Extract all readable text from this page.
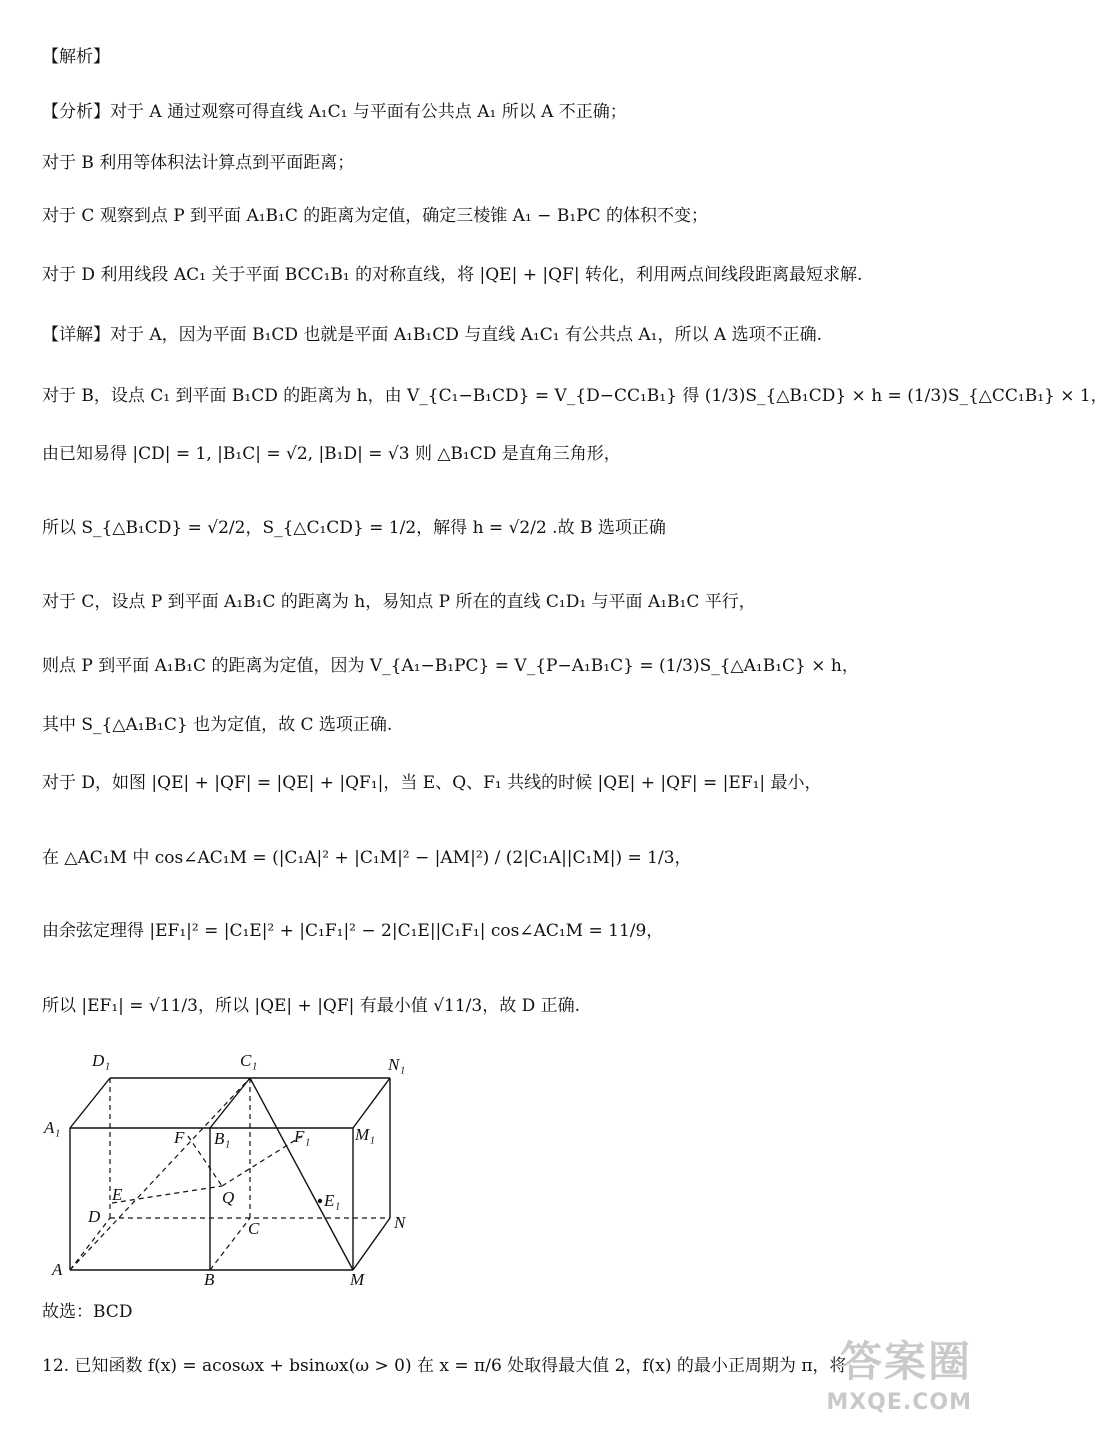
【解析】
【分析】对于 A 通过观察可得直线 A₁C₁ 与平面有公共点 A₁ 所以 A 不正确；
对于 B 利用等体积法计算点到平面距离；
对于 C 观察到点 P 到平面 A₁B₁C 的距离为定值，确定三棱锥 A₁ − B₁PC 的体积不变；
对于 D 利用线段 AC₁ 关于平面 BCC₁B₁ 的对称直线，将 |QE| + |QF| 转化，利用两点间线段距离最短求解.
【详解】对于 A，因为平面 B₁CD 也就是平面 A₁B₁CD 与直线 A₁C₁ 有公共点 A₁，所以 A 选项不正确.
对于 B，设点 C₁ 到平面 B₁CD 的距离为 h，由 V_{C₁−B₁CD} = V_{D−CC₁B₁} 得 (1/3)S_{△B₁CD} × h = (1/3)S_{△CC₁B₁} × 1，
由已知易得 |CD| = 1, |B₁C| = √2, |B₁D| = √3 则 △B₁CD 是直角三角形，
所以 S_{△B₁CD} = √2/2，S_{△C₁CD} = 1/2，解得 h = √2/2 .故 B 选项正确
对于 C，设点 P 到平面 A₁B₁C 的距离为 h，易知点 P 所在的直线 C₁D₁ 与平面 A₁B₁C 平行，
则点 P 到平面 A₁B₁C 的距离为定值，因为 V_{A₁−B₁PC} = V_{P−A₁B₁C} = (1/3)S_{△A₁B₁C} × h，
其中 S_{△A₁B₁C} 也为定值，故 C 选项正确.
对于 D，如图 |QE| + |QF| = |QE| + |QF₁|，当 E、Q、F₁ 共线的时候 |QE| + |QF| = |EF₁| 最小，
在 △AC₁M 中 cos∠AC₁M = (|C₁A|² + |C₁M|² − |AM|²) / (2|C₁A||C₁M|) = 1/3，
由余弦定理得 |EF₁|² = |C₁E|² + |C₁F₁|² − 2|C₁E||C₁F₁| cos∠AC₁M = 11/9，
所以 |EF₁| = √11/3，所以 |QE| + |QF| 有最小值 √11/3，故 D 正确.
D₁	C₁	N₁
A₁
B₁	M₁
F	F₁
E	Q	E₁
D
C	N
A
B	M
故选：BCD
12. 已知函数 f(x) = acosωx + bsinωx(ω > 0) 在 x = π/6 处取得最大值 2，f(x) 的最小正周期为 π，将
答案圈
MXQE.COM
